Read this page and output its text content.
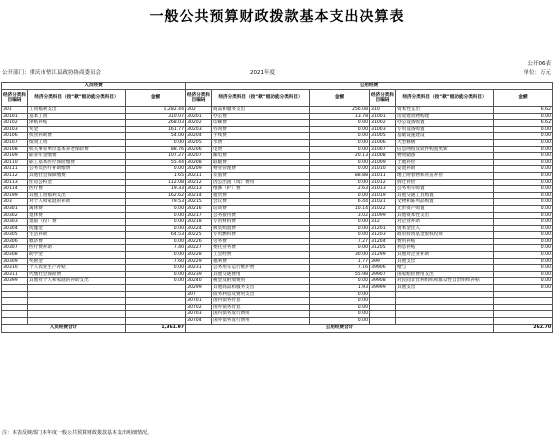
一般公共预算财政拨款基本支出决算表
公开06表
公开部门：重庆市垫江县政协协商委员会	2021年度	单位：万元
人员经费			公用经费					
经济分类科目编码	经济分类科目（按“款”级功能分类科目）	金额	经济分类科目编码	经济分类科目（按“款”级功能分类科目）	金额	经济分类科目编码	经济分类科目（按“款”级功能分类科目）	金额
301	工资福利支出	1,282.44	302	商品和服务支出	256.08	310	资本性支出	6.62
30101	基本工资	310.07	30201	办公费	13.78	31001	房屋建筑物购建	0.00
30102	津贴补贴	268.03	30202	印刷费	0.00	31002	办公设备购置	6.62
30103	奖金	161.77	30203	咨询费	0.00	31003	专用设备购置	0.00
30106	伙食补助费	54.00	30204	手续费	0.00	31005	基础设施建设	0.00
30107	绩效工资	0.00	30205	水费	0.00	31006	大型修缮	0.00
30108	机关事业单位基本养老保险费	88.76	30206	电费	0.00	31007	信息网络及软件购置更新	0.00
30109	职业年金缴费	107.27	30207	邮电费	20.13	31008	物资储备	0.00
30110	职工基本医疗保险缴费	55.44	30208	取暖费	0.00	31009	土地补偿	0.00
30111	公务员医疗补助缴费	0.00	30209	物业管理费	0.00	31010	安置补助	0.00
30112	其他社会保障缴费	1.65	30211	差旅费	88.88	31011	地上附着物和青苗补偿	0.00
30113	住房公积金	112.08	30212	因公出国（境）费用	0.00	31012	拆迁补偿	0.00
30114	医疗费	19.33	30213	维修（护）费	2.63	31013	公务用车购置	0.00
30199	其他工资福利支出	162.62	30214	租赁费	0.00	31019	其他交通工具购置	0.00
303	对个人和家庭的补助	79.53	30215	会议费	6.44	31021	文物和陈列品购置	0.00
30301	离休费	0.00	30216	培训费	10.14	31022	无形资产购置	0.00
30302	退休费	0.00	30217	公务接待费	3.02	31099	其他资本性支出	0.00
30303	退职（役）费	0.00	30218	专用材料费	0.00	312	对企业补助	0.00
30304	抚恤金	0.00	30224	被装购置费	0.00	31201	资本金注入	0.00
30305	生活补助	64.53	30225	专用燃料费	0.00	31203	政府投资基金股权投资	0.00
30306	救济费	0.00	30226	劳务费	7.27	31204	费用补贴	0.00
30307	医疗费补助	7.40	30227	委托业务费	0.00	31205	利息补贴	0.00
30308	助学金	0.00	30228	工会经费	30.00	31299	其他对企业补助	0.00
30309	奖励金	7.60	30229	福利费	1.77	399	其他支出	0.00
30310	个人农业生产补贴	0.00	30231	公务用车运行维护费	7.16	39906	赠与	0.00
30311	代缴社会保险费	0.00	30239	其他交通费用	55.98	39907	国家赔偿费用支出	0.00
30399	其他对个人和家庭的补助支出	0.00	30240	税金及附加费用	0.00	39908	对民间非营利组织和群众性自治组织补贴	0.00
			30299	其他商品和服务支出	1.93	39999	其他支出	0.00
			307	债务利息及费用支出	0.00			
			30701	国内债务付息	0.00			
			30702	国外债务付息	0.00			
			30703	国内债务发行费用	0.00			
			30704	国外债务发行费用	0.00			
人员经费合计		1,361.97	公用经费合计					262.70
注：本表反映部门本年度一般公共预算财政拨款基本支出明细情况。
